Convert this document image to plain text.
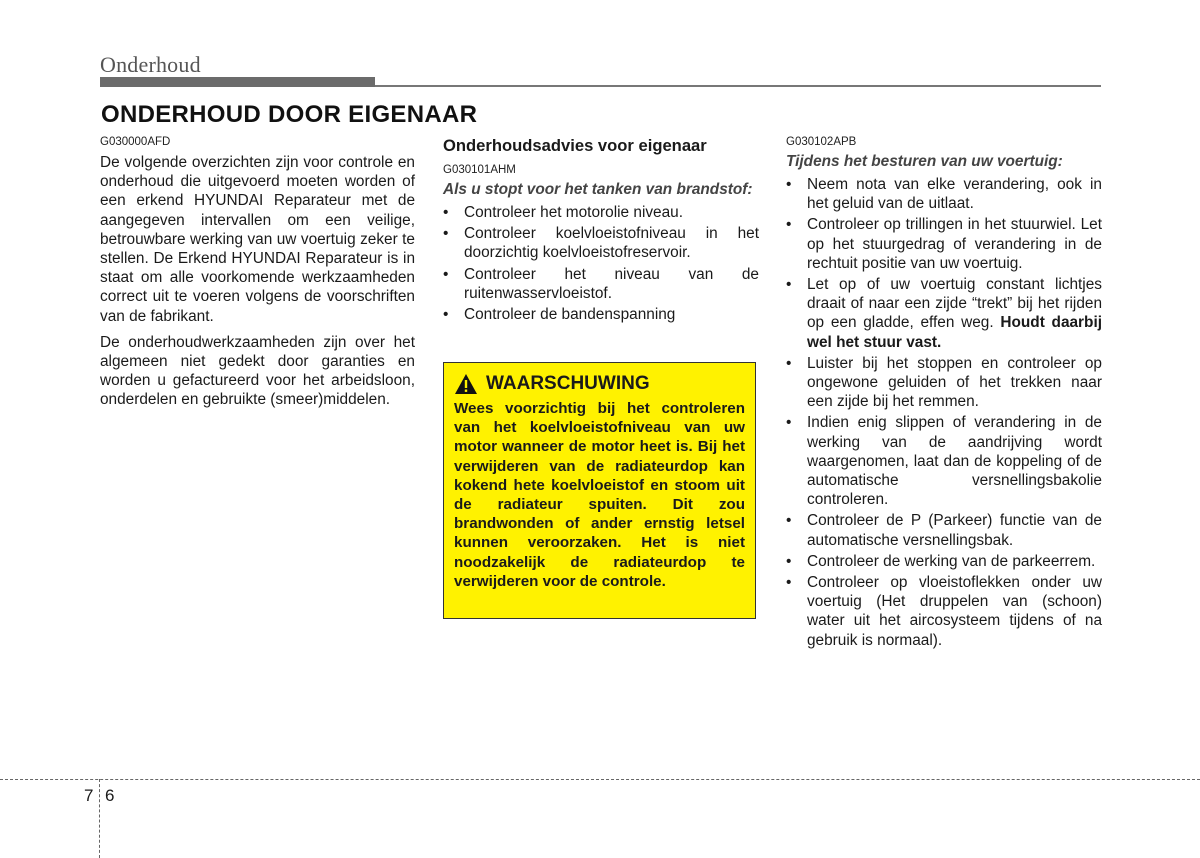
Onderhoud
ONDERHOUD DOOR EIGENAAR
G030000AFD

De volgende overzichten zijn voor controle en onderhoud die uitgevoerd moeten worden of een erkend HYUNDAI Reparateur met de aangegeven intervallen om een veilige, betrouwbare werking van uw voertuig zeker te stellen. De Erkend HYUNDAI Reparateur is in staat om alle voorkomende werkzaamheden correct uit te voeren volgens de voorschriften van de fabrikant.

De onderhoudwerkzaamheden zijn over het algemeen niet gedekt door garanties en worden u gefactureerd voor het arbeidsloon, onderdelen en gebruikte (smeer)middelen.

Onderhoudsadvies voor eigenaar
G030101AHM
Als u stopt voor het tanken van brandstof:
• Controleer het motorolie niveau.
• Controleer koelvloeistofniveau in het doorzichtig koelvloeistofreservoir.
• Controleer het niveau van de ruitenwasservloeistof.
• Controleer de bandenspanning
WAARSCHUWING

Wees voorzichtig bij het controleren van het koelvloeistofniveau van uw motor wanneer de motor heet is. Bij het verwijderen van de radiateurdop kan kokend hete koelvloeistof en stoom uit de radiateur spuiten. Dit zou brandwonden of ander ernstig letsel kunnen veroorzaken. Het is niet noodzakelijk de radiateurdop te verwijderen voor de controle.

G030102APB
Tijdens het besturen van uw voertuig:
• Neem nota van elke verandering, ook in het geluid van de uitlaat.
• Controleer op trillingen in het stuurwiel. Let op het stuurgedrag of verandering in de rechtuit positie van uw voertuig.
• Let op of uw voertuig constant lichtjes draait of naar een zijde “trekt” bij het rijden op een gladde, effen weg. Houdt daarbij wel het stuur vast.
• Luister bij het stoppen en controleer op ongewone geluiden of het trekken naar een zijde bij het remmen.
• Indien enig slippen of verandering in de werking van de aandrijving wordt waargenomen, laat dan de koppeling of de automatische versnellingsbakolie controleren.
• Controleer de P (Parkeer) functie van de automatische versnellingsbak.
• Controleer de werking van de parkeerrem.
• Controleer op vloeistoflekken onder uw voertuig (Het druppelen van (schoon) water uit het aircosysteem tijdens of na gebruik is normaal).
7 6
